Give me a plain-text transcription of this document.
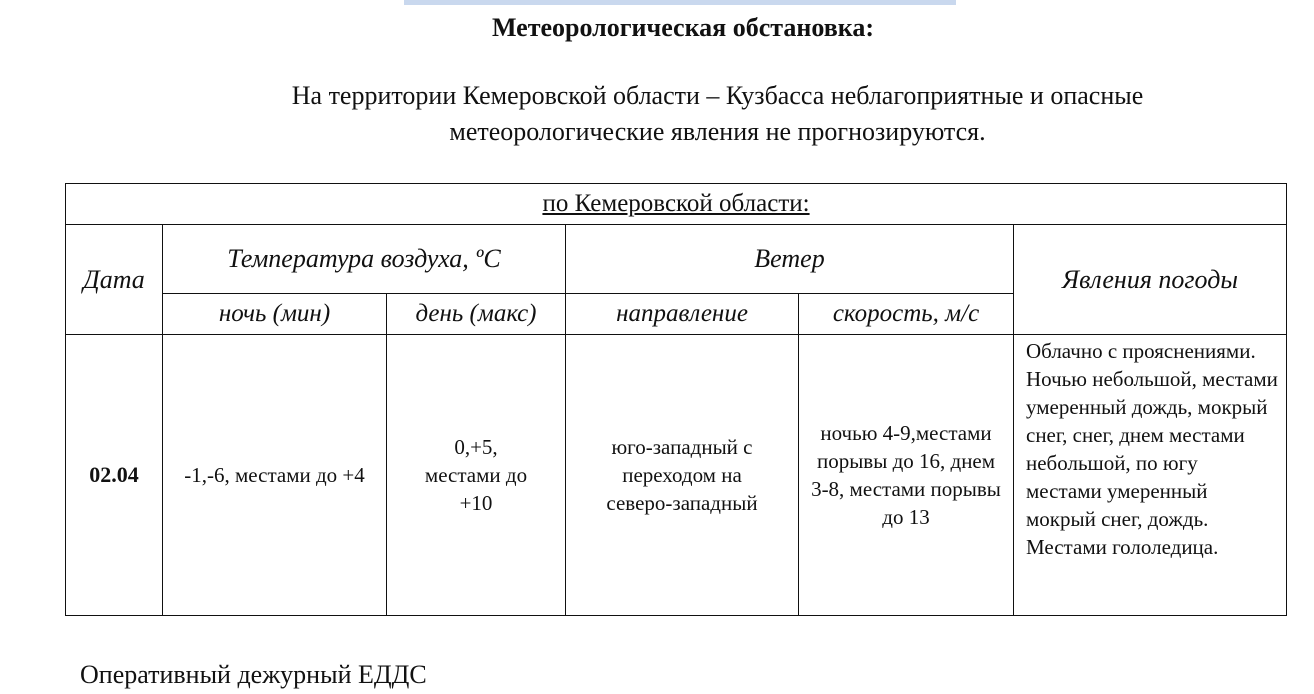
Метеорологическая обстановка:
На территории Кемеровской области – Кузбасса неблагоприятные и опасные метеорологические явления не прогнозируются.
по Кемеровской области:					
Дата	Температура воздуха, ºС		Ветер		Явления погоды
	ночь (мин)	день (макс)	направление	скорость, м/с	
02.04	-1,-6, местами до +4	0,+5, местами до +10	юго-западный с переходом на северо-западный	ночью 4-9,местами порывы до 16, днем 3-8, местами порывы до 13	Облачно с прояснениями. Ночью небольшой, местами умеренный дождь, мокрый снег, снег, днем местами небольшой, по югу местами умеренный мокрый снег, дождь. Местами гололедица.
Оперативный дежурный ЕДДС
